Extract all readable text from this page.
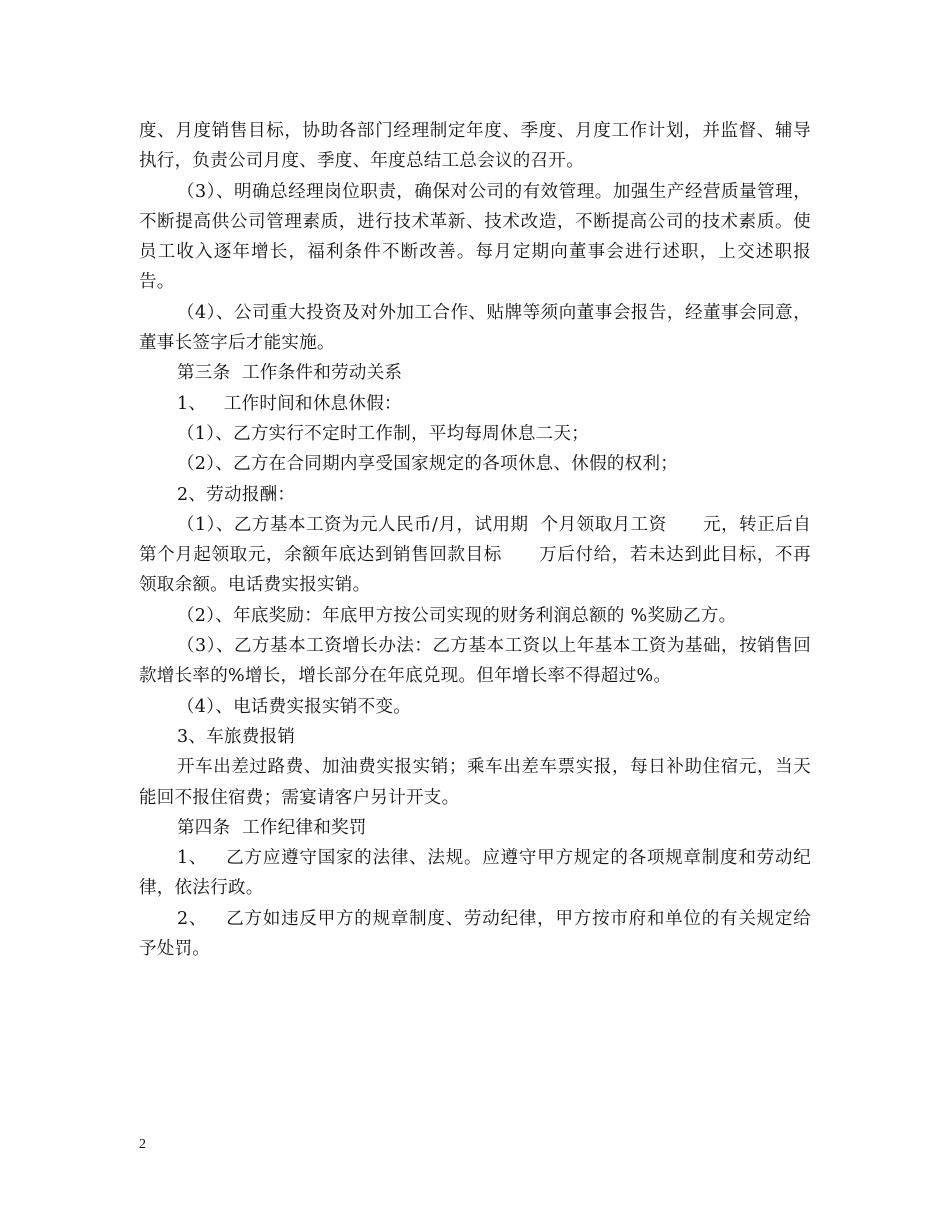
度、月度销售目标，协助各部门经理制定年度、季度、月度工作计划，并监督、辅导执行，负责公司月度、季度、年度总结工总会议的召开。

（3）、明确总经理岗位职责，确保对公司的有效管理。加强生产经营质量管理，不断提高供公司管理素质，进行技术革新、技术改造，不断提高公司的技术素质。使员工收入逐年增长，福利条件不断改善。每月定期向董事会进行述职，上交述职报告。

（4）、公司重大投资及对外加工合作、贴牌等须向董事会报告，经董事会同意，董事长签字后才能实施。

第三条  工作条件和劳动关系

1、   工作时间和休息休假：

（1）、乙方实行不定时工作制，平均每周休息二天；

（2）、乙方在合同期内享受国家规定的各项休息、休假的权利；

2、劳动报酬：

（1）、乙方基本工资为元人民币/月，试用期  个月领取月工资      元，转正后自第个月起领取元，余额年底达到销售回款目标      万后付给，若未达到此目标，不再领取余额。电话费实报实销。

（2）、年底奖励：年底甲方按公司实现的财务利润总额的 %奖励乙方。

（3）、乙方基本工资增长办法：乙方基本工资以上年基本工资为基础，按销售回款增长率的%增长，增长部分在年底兑现。但年增长率不得超过%。

（4）、电话费实报实销不变。

3、车旅费报销

开车出差过路费、加油费实报实销；乘车出差车票实报，每日补助住宿元，当天能回不报住宿费；需宴请客户另计开支。

第四条  工作纪律和奖罚

1、   乙方应遵守国家的法律、法规。应遵守甲方规定的各项规章制度和劳动纪律，依法行政。

2、   乙方如违反甲方的规章制度、劳动纪律，甲方按市府和单位的有关规定给予处罚。

2
